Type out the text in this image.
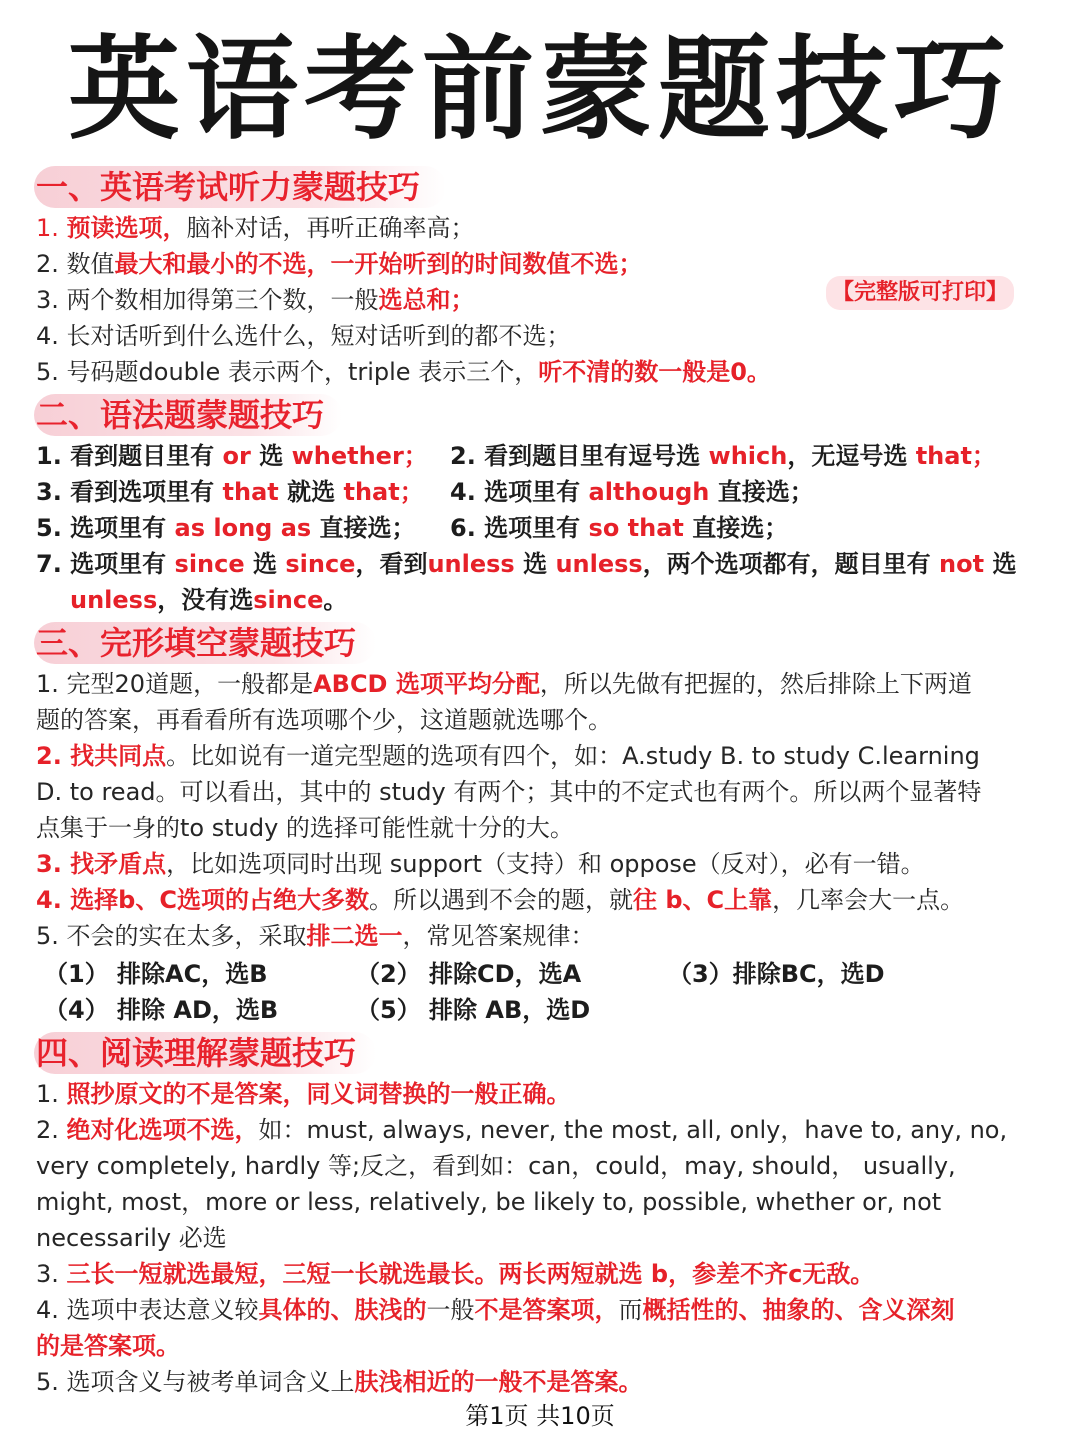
英语考前蒙题技巧
一、英语考试听力蒙题技巧
1. 预读选项，脑补对话，再听正确率高；
2. 数值最大和最小的不选，一开始听到的时间数值不选；
3. 两个数相加得第三个数，一般选总和；	【完整版可打印】
4. 长对话听到什么选什么，短对话听到的都不选；
5. 号码题double 表示两个，triple 表示三个，听不清的数一般是0。
二、语法题蒙题技巧
1. 看到题目里有 or 选 whether； 2. 看到题目里有逗号选 which，无逗号选 that；
3. 看到选项里有 that 就选 that； 4. 选项里有 although 直接选；
5. 选项里有 as long as 直接选； 6. 选项里有 so that 直接选；
7. 选项里有 since 选 since，看到unless 选 unless，两个选项都有，题目里有 not 选
unless，没有选since。
三、完形填空蒙题技巧
1. 完型20道题，一般都是ABCD 选项平均分配，所以先做有把握的，然后排除上下两道
题的答案，再看看所有选项哪个少，这道题就选哪个。
2. 找共同点。比如说有一道完型题的选项有四个，如：A.study B. to study C.learning
D. to read。可以看出，其中的 study 有两个；其中的不定式也有两个。所以两个显著特
点集于一身的to study 的选择可能性就十分的大。
3. 找矛盾点，比如选项同时出现 support（支持）和 oppose（反对），必有一错。
4. 选择b、C选项的占绝大多数。所以遇到不会的题，就往 b、C上靠，几率会大一点。
5. 不会的实在太多，采取排二选一，常见答案规律：
（1） 排除AC，选B	（2） 排除CD，选A	（3）排除BC，选D
（4） 排除 AD，选B	（5） 排除 AB，选D
四、阅读理解蒙题技巧
1. 照抄原文的不是答案，同义词替换的一般正确。
2. 绝对化选项不选，如：must, always, never, the most, all, only，have to, any, no,
very completely, hardly 等;反之，看到如：can，could，may, should， usually,
might, most，more or less, relatively, be likely to, possible, whether or, not
necessarily 必选
3. 三长一短就选最短，三短一长就选最长。两长两短就选 b，参差不齐c无敌。
4. 选项中表达意义较具体的、肤浅的一般不是答案项，而概括性的、抽象的、含义深刻
的是答案项。
5. 选项含义与被考单词含义上肤浅相近的一般不是答案。
第1页 共10页
